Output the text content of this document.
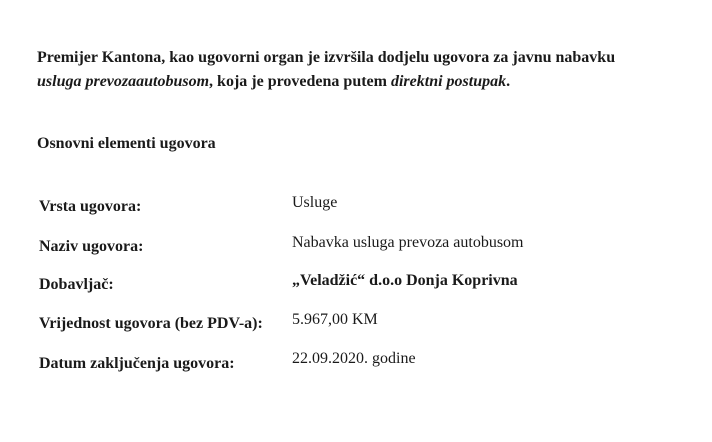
Premijer Kantona, kao ugovorni organ je izvršila dodjelu ugovora za javnu nabavku
usluga prevozaautobusom, koja je provedena putem direktni postupak.
Osnovni elementi ugovora
Vrsta ugovora:	Usluge
Naziv ugovora:	Nabavka usluga prevoza autobusom
Dobavljač:	„Veladžić“ d.o.o Donja Koprivna
Vrijednost ugovora (bez PDV-a): 5.967,00 KM
Datum zaključenja ugovora:	22.09.2020. godine
